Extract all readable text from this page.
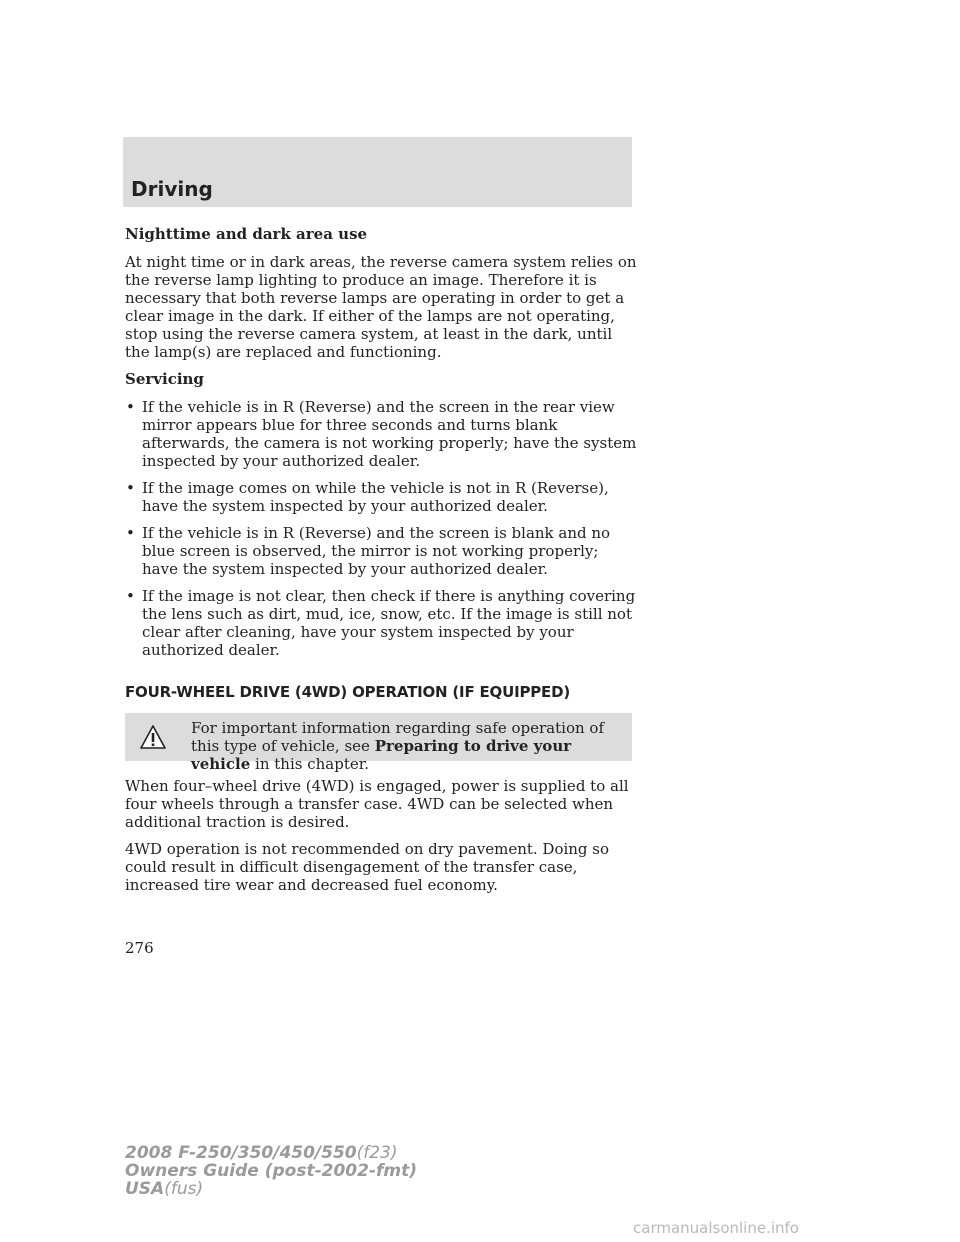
Driving
Nighttime and dark area use

At night time or in dark areas, the reverse camera system relies on the reverse lamp lighting to produce an image. Therefore it is necessary that both reverse lamps are operating in order to get a clear image in the dark. If either of the lamps are not operating, stop using the reverse camera system, at least in the dark, until the lamp(s) are replaced and functioning.

Servicing
• If the vehicle is in R (Reverse) and the screen in the rear view mirror appears blue for three seconds and turns blank afterwards, the camera is not working properly; have the system inspected by your authorized dealer.
• If the image comes on while the vehicle is not in R (Reverse), have the system inspected by your authorized dealer.
• If the vehicle is in R (Reverse) and the screen is blank and no blue screen is observed, the mirror is not working properly; have the system inspected by your authorized dealer.
• If the image is not clear, then check if there is anything covering the lens such as dirt, mud, ice, snow, etc. If the image is still not clear after cleaning, have your system inspected by your authorized dealer.
FOUR-WHEEL DRIVE (4WD) OPERATION (IF EQUIPPED)
For important information regarding safe operation of this type of vehicle, see Preparing to drive your vehicle in this chapter.

When four–wheel drive (4WD) is engaged, power is supplied to all four wheels through a transfer case. 4WD can be selected when additional traction is desired.

4WD operation is not recommended on dry pavement. Doing so could result in difficult disengagement of the transfer case, increased tire wear and decreased fuel economy.

276
2008 F-250/350/450/550(f23)
Owners Guide (post-2002-fmt)
USA(fus)
carmanualsonline.info
